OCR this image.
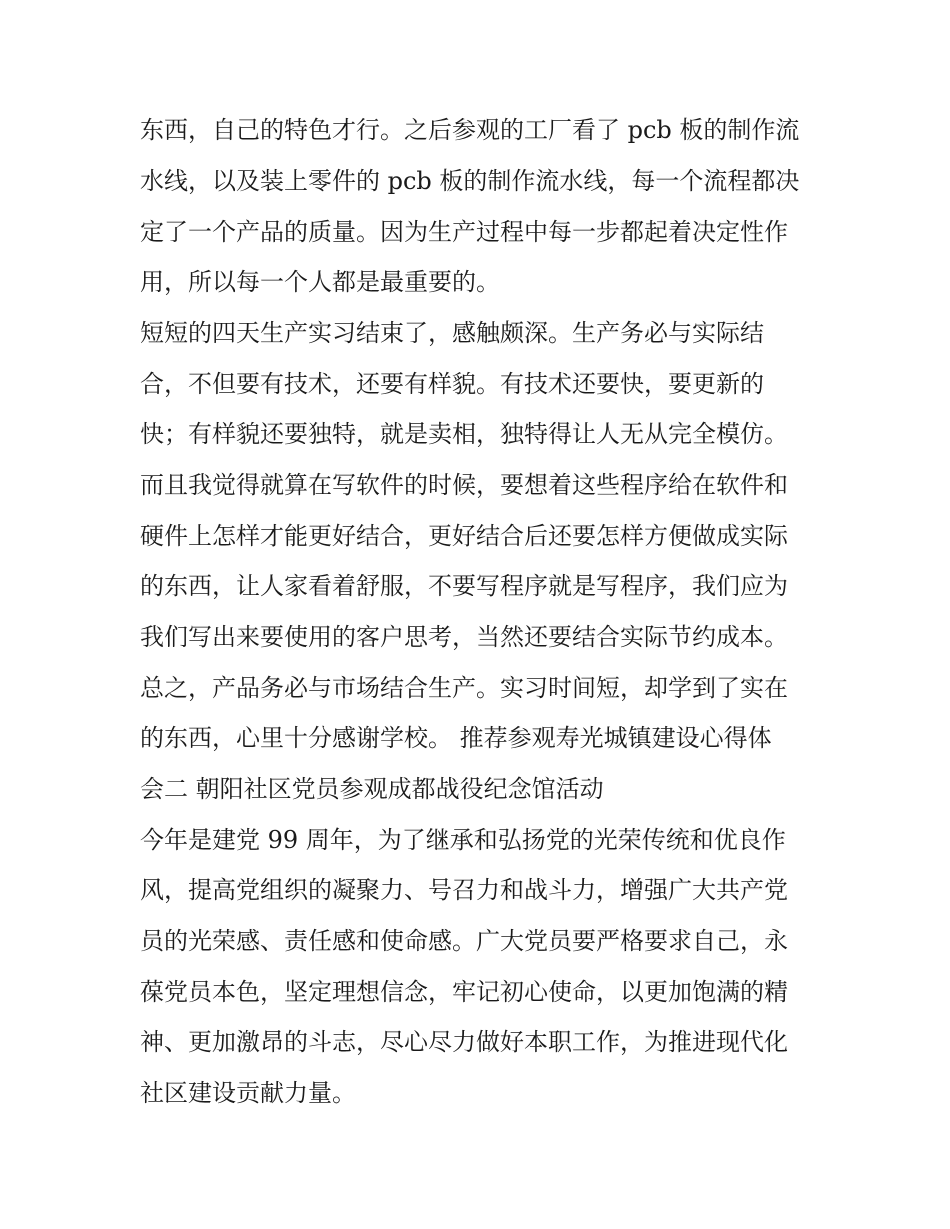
东西，自己的特色才行。之后参观的工厂看了 pcb 板的制作流
水线，以及装上零件的 pcb 板的制作流水线，每一个流程都决
定了一个产品的质量。因为生产过程中每一步都起着决定性作
用，所以每一个人都是最重要的。
短短的四天生产实习结束了，感触颇深。生产务必与实际结
合，不但要有技术，还要有样貌。有技术还要快，要更新的
快；有样貌还要独特，就是卖相，独特得让人无从完全模仿。
而且我觉得就算在写软件的时候，要想着这些程序给在软件和
硬件上怎样才能更好结合，更好结合后还要怎样方便做成实际
的东西，让人家看着舒服，不要写程序就是写程序，我们应为
我们写出来要使用的客户思考，当然还要结合实际节约成本。
总之，产品务必与市场结合生产。实习时间短，却学到了实在
的东西，心里十分感谢学校。 推荐参观寿光城镇建设心得体
会二 朝阳社区党员参观成都战役纪念馆活动
今年是建党 99 周年，为了继承和弘扬党的光荣传统和优良作
风，提高党组织的凝聚力、号召力和战斗力，增强广大共产党
员的光荣感、责任感和使命感。广大党员要严格要求自己，永
葆党员本色，坚定理想信念，牢记初心使命，以更加饱满的精
神、更加激昂的斗志，尽心尽力做好本职工作，为推进现代化
社区建设贡献力量。
